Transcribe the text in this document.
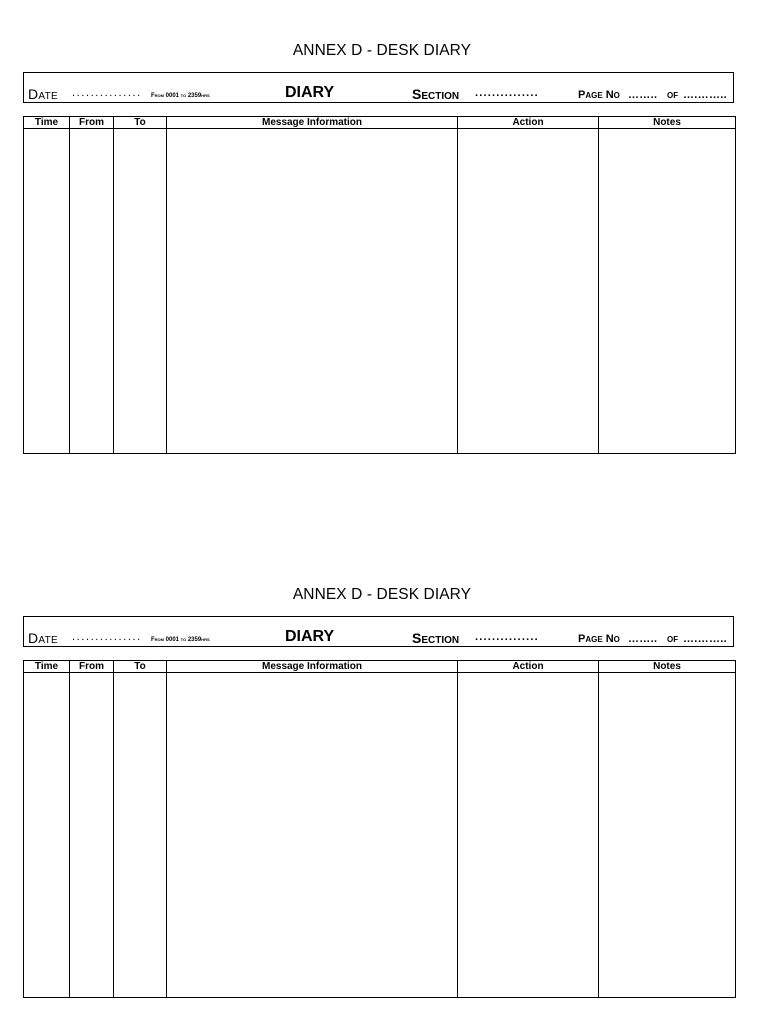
ANNEX D - DESK DIARY
Date ............... From 0001 to 2359hrs	DIARY	Section ...............	Page No …….. of ….……..
Time	From	To	Message Information	Action	Notes

ANNEX D - DESK DIARY
Date ............... From 0001 to 2359hrs	DIARY	Section ...............	Page No …….. of ….……..
Time	From	To	Message Information	Action	Notes
